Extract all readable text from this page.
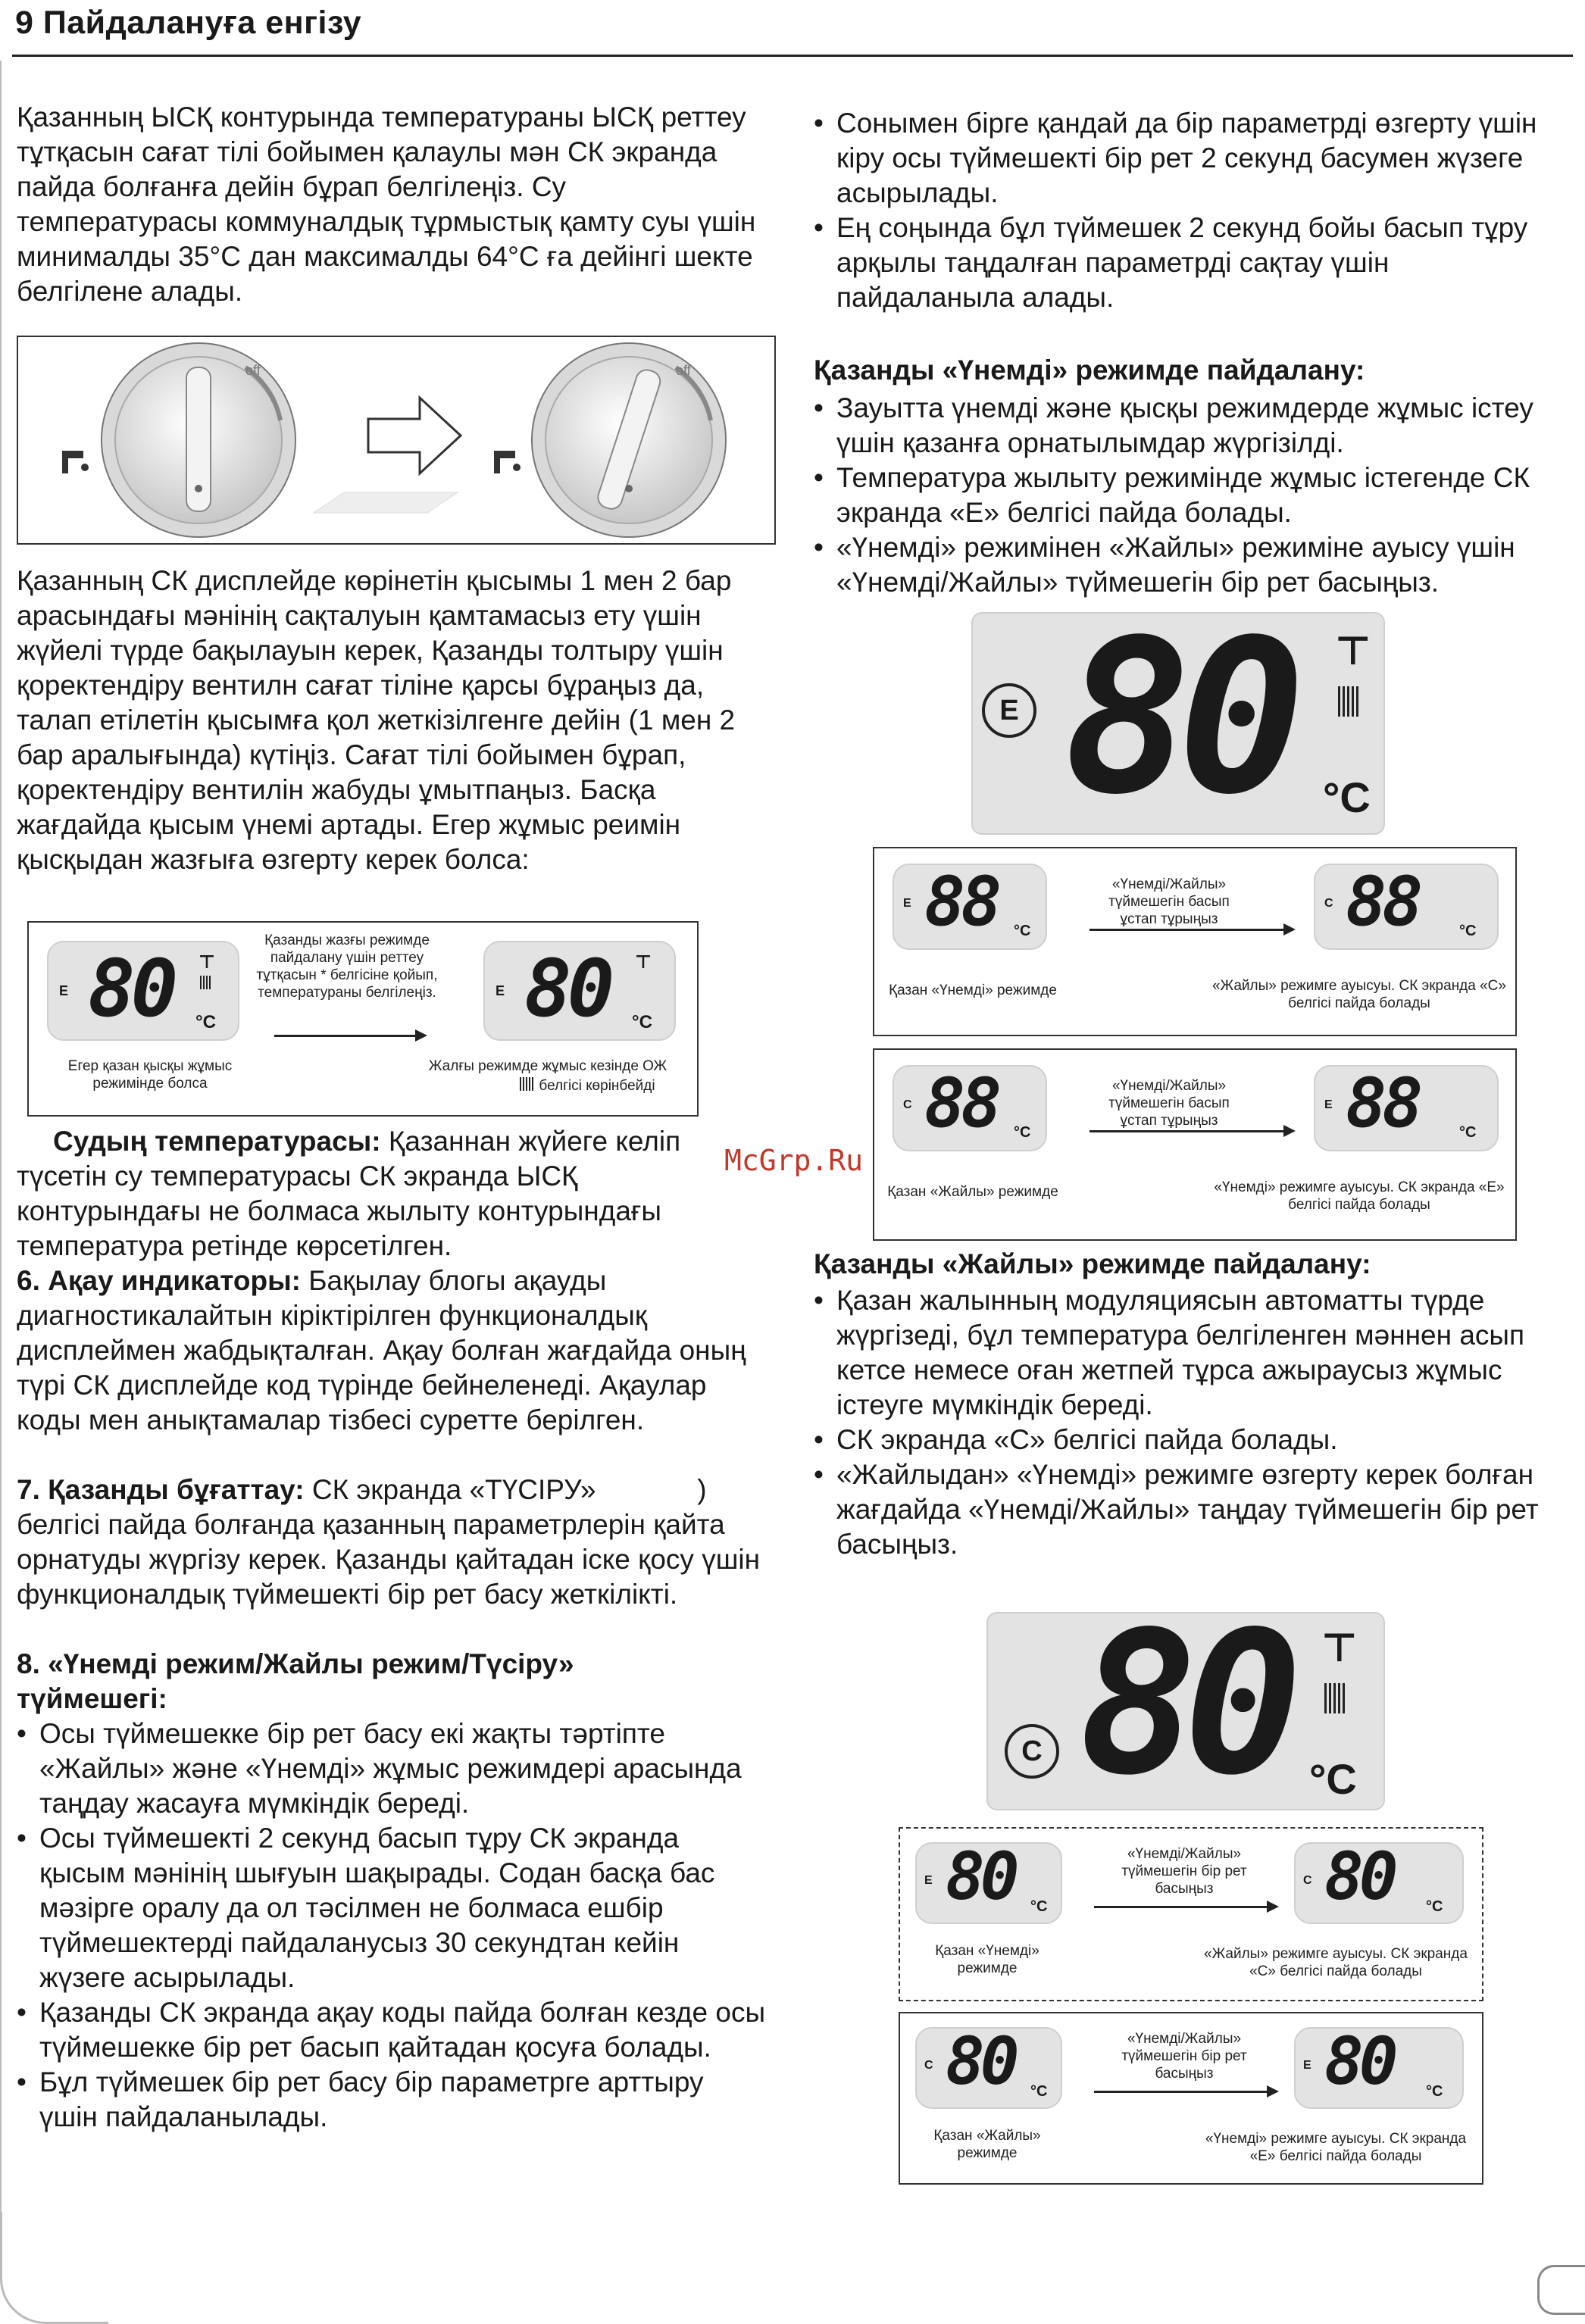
9 Пайдалануға енгізу

Қазанның ЫСҚ контурында температураны ЫСҚ реттеу тұтқасын сағат тілі бойымен қалаулы мән СК экранда пайда болғанға дейін бұрап белгілеңіз. Су температурасы коммуналдық тұрмыстық қамту суы үшін минималды 35°C дан максималды 64°C ға дейінгі шекте белгілене алады.

off	off

Қазанның СК дисплейде көрінетін қысымы 1 мен 2 бар арасындағы мәнінің сақталуын қамтамасыз ету үшін жүйелі түрде бақылауын керек, Қазанды толтыру үшін қоректендіру вентилн сағат тіліне қарсы бұраңыз да, талап етілетін қысымға қол жеткізілгенге дейін (1 мен 2 бар аралығында) күтіңіз. Сағат тілі бойымен бұрап, қоректендіру вентилін жабуды ұмытпаңыз. Басқа жағдайда қысым үнемі артады. Егер жұмыс реимін қысқыдан жазғыға өзгерту керек болса:

E 80 ⊤
°C
Қазанды жазғы режимде пайдалану үшін реттеу тұтқасын * белгісіне қойып, температураны белгілеңіз.	E 80 ⊤
°C
Егер қазан қысқы жұмыс режимінде болса
Жалғы режимде жұмыс кезінде ОЖ
белгісі көрінбейді
McGrp.Ru

Судың температурасы: Қазаннан жүйеге келіп түсетін су температурасы СК экранда ЫСҚ контурындағы не болмаса жылыту контурындағы температура ретінде көрсетілген.

6. Ақау индикаторы: Бақылау блогы ақауды диагностикалайтын кіріктірілген функционалдық дисплеймен жабдықталған. Ақау болған жағдайда оның түрі СК дисплейде код түрінде бейнеленеді. Ақаулар коды мен анықтамалар тізбесі суретте берілген.

7. Қазанды бұғаттау: СК экранда «ТҮСІРУ»             ) белгісі пайда болғанда қазанның параметрлерін қайта орнатуды жүргізу керек. Қазанды қайтадан іске қосу үшін функционалдық түймешекті бір рет басу жеткілікті.

8. «Үнемді режим/Жайлы режим/Түсіру» түймешегі:

• Осы түймешекке бір рет басу екі жақты тәртіпте «Жайлы» және «Үнемді» жұмыс режимдері арасында таңдау жасауға мүмкіндік береді.

• Осы түймешекті 2 секунд басып тұру СК экранда қысым мәнінің шығуын шақырады. Содан басқа бас мәзірге оралу да ол тәсілмен не болмаса ешбір түймешектерді пайдаланусыз 30 секундтан кейін жүзеге асырылады.

• Қазанды СК экранда ақау коды пайда болған кезде осы түймешекке бір рет басып қайтадан қосуға болады.

• Бұл түймешек бір рет басу бір параметрге арттыру үшін пайдаланылады.

• Сонымен бірге қандай да бір параметрді өзгерту үшін кіру осы түймешекті бір рет 2 секунд басумен жүзеге асырылады.

• Ең соңында бұл түймешек 2 секунд бойы басып тұру арқылы таңдалған параметрді сақтау үшін пайдаланыла алады.

Қазанды «Үнемді» режимде пайдалану:

• Зауытта үнемді және қысқы режимдерде жұмыс істеу үшін қазанға орнатылымдар жүргізілді.

• Температура жылыту режимінде жұмыс істегенде СК экранда «Е» белгісі пайда болады.

• «Үнемді» режимінен «Жайлы» режиміне ауысу үшін «Үнемді/Жайлы» түймешегін бір рет басыңыз.

E 80 ⊤
°C
E 88 °C
«Үнемді/Жайлы» түймешегін басып ұстап тұрыңыз
C 88	°C
Қазан «Үнемді» режимде	«Жайлы» режимге ауысуы. СК экранда «С» белгісі пайда болады
C 88 °C
«Үнемді/Жайлы» түймешегін басып ұстап тұрыңыз
E 88	°C
Қазан «Жайлы» режимде	«Үнемді» режимге ауысуы. СК экранда «Е» белгісі пайда болады

Қазанды «Жайлы» режимде пайдалану:

• Қазан жалынның модуляциясын автоматты түрде жүргізеді, бұл температура белгіленген мәннен асып кетсе немесе оған жетпей тұрса ажыраусыз жұмыс істеуге мүмкіндік береді.

• СК экранда «С» белгісі пайда болады.

• «Жайлыдан» «Үнемді» режимге өзгерту керек болған жағдайда «Үнемді/Жайлы» таңдау түймешегін бір рет басыңыз.

C 80 ⊤
°C
E 80 °C
«Үнемді/Жайлы» түймешегін бір рет басыңыз
C 80 °C
Қазан «Үнемді» режимде
«Жайлы» режимге ауысуы. СК экранда «С» белгісі пайда болады
C 80 °C
«Үнемді/Жайлы» түймешегін бір рет басыңыз
E 80 °C
Қазан «Жайлы» режимде
«Үнемді» режимге ауысуы. СК экранда «Е» белгісі пайда болады
